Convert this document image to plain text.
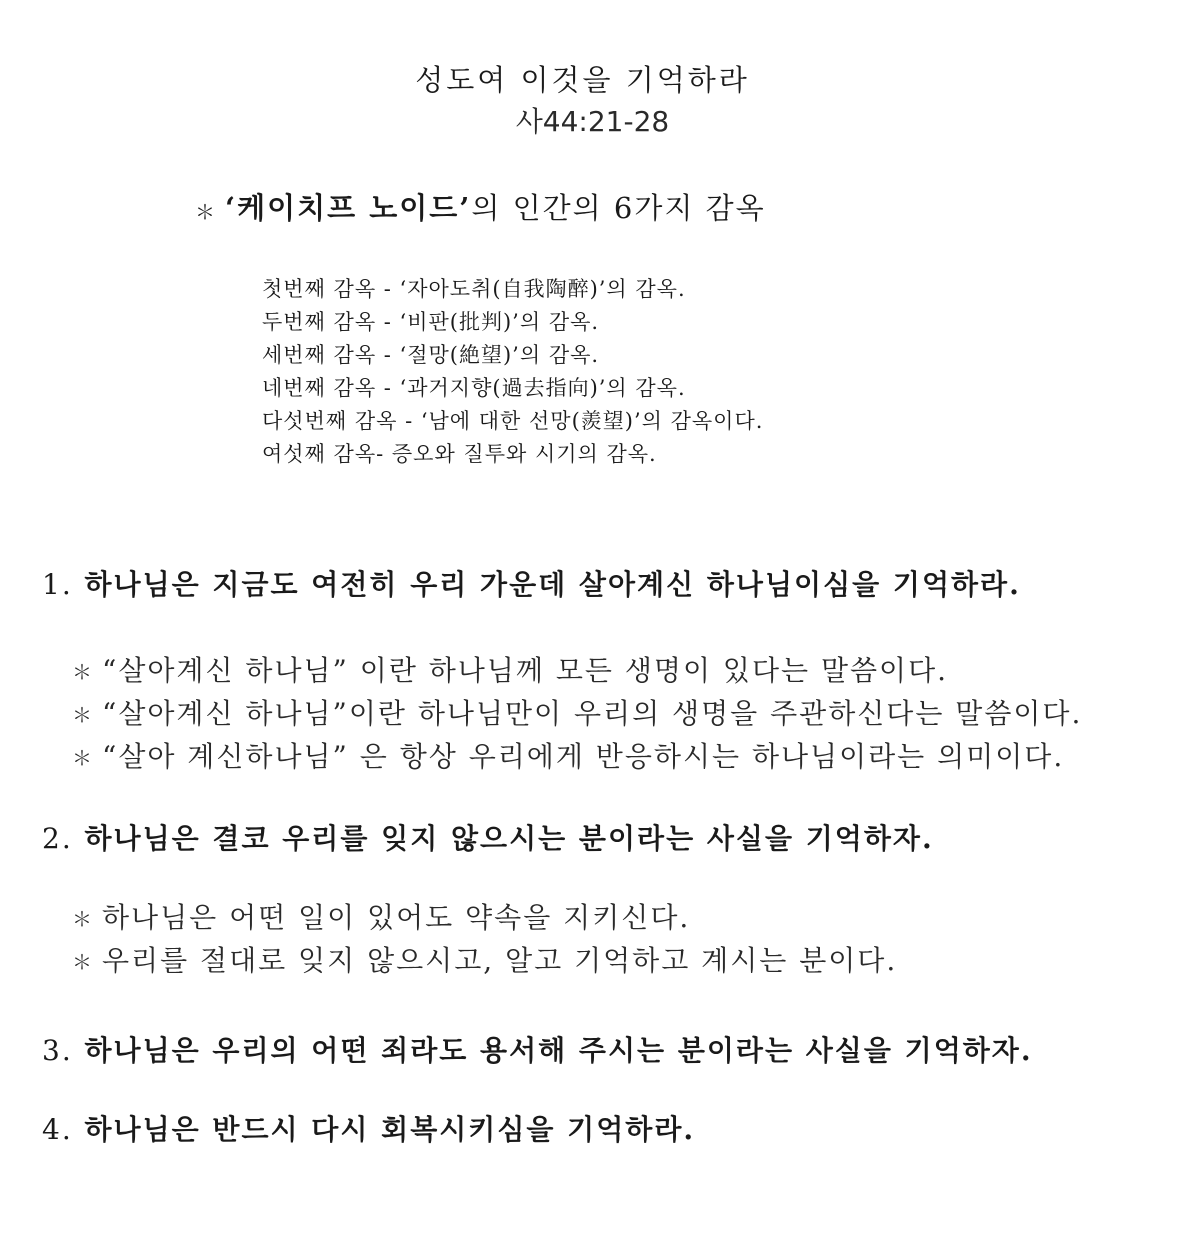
성도여 이것을 기억하라
사44:21-28
＊ ‘케이치프 노이드’의 인간의 6가지 감옥
첫번째 감옥 - ‘자아도취(自我陶醉)’의 감옥.
두번째 감옥 - ‘비판(批判)’의 감옥.
세번째 감옥 - ‘절망(絶望)’의 감옥.
네번째 감옥 - ‘과거지향(過去指向)’의 감옥.
다섯번째 감옥 - ‘남에 대한 선망(羨望)’의 감옥이다.
여섯째 감옥- 증오와 질투와 시기의 감옥.
1. 하나님은 지금도 여전히 우리 가운데 살아계신 하나님이심을 기억하라.
＊ “살아계신 하나님” 이란 하나님께 모든 생명이 있다는 말씀이다.
＊ “살아계신 하나님”이란 하나님만이 우리의 생명을 주관하신다는 말씀이다.
＊ “살아 계신하나님” 은 항상 우리에게 반응하시는 하나님이라는 의미이다.
2. 하나님은 결코 우리를 잊지 않으시는 분이라는 사실을 기억하자.
＊ 하나님은 어떤 일이 있어도 약속을 지키신다.
＊ 우리를 절대로 잊지 않으시고, 알고 기억하고 계시는 분이다.
3. 하나님은 우리의 어떤 죄라도 용서해 주시는 분이라는 사실을 기억하자.
4. 하나님은 반드시 다시 회복시키심을 기억하라.
